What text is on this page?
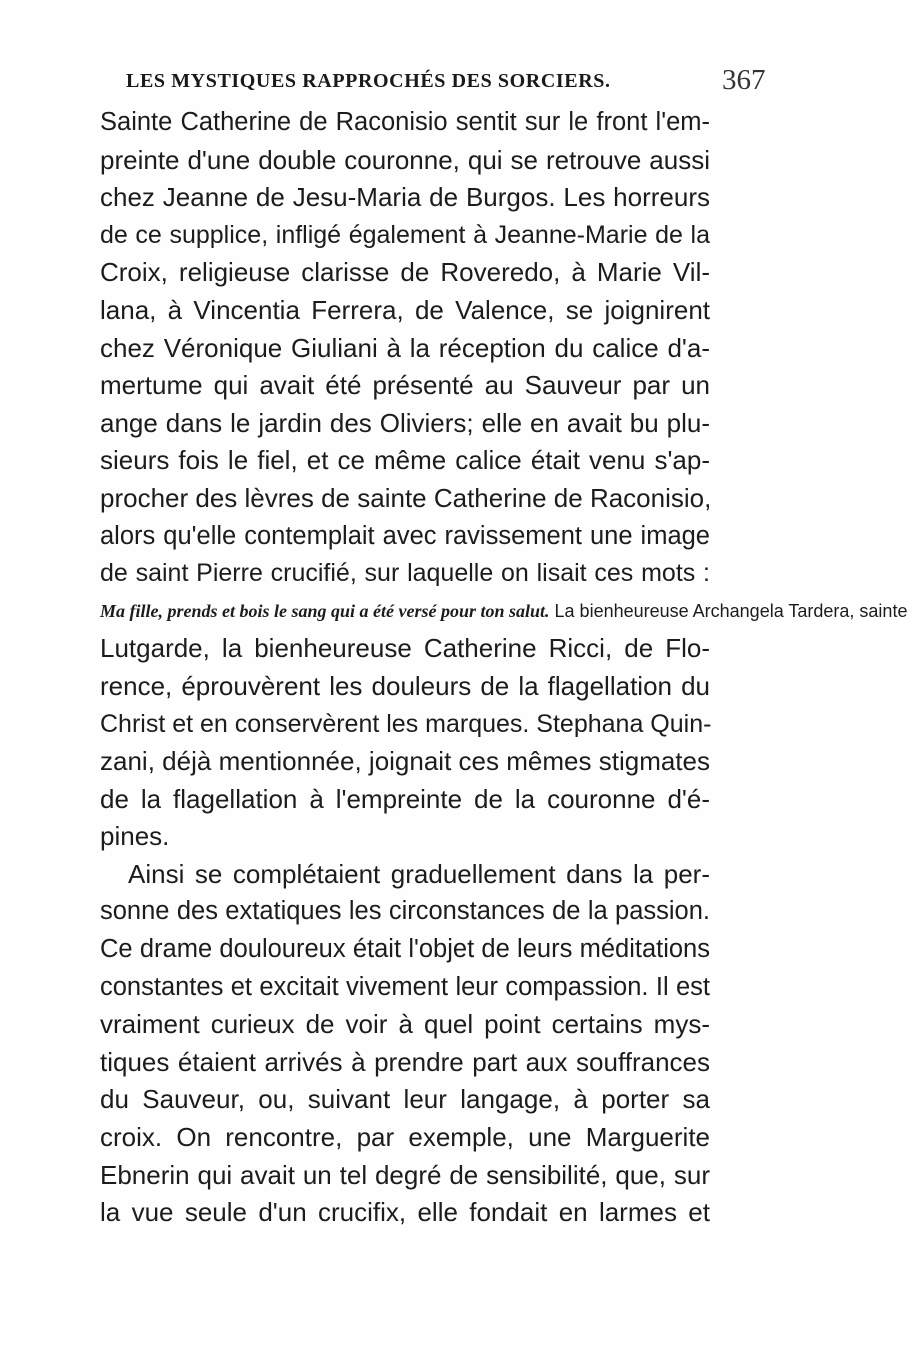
LES MYSTIQUES RAPPROCHÉS DES SORCIERS.	367
Sainte Catherine de Raconisio sentit sur le front l'em-
preinte d'une double couronne, qui se retrouve aussi
chez Jeanne de Jesu-Maria de Burgos. Les horreurs
de ce supplice, infligé également à Jeanne-Marie de la
Croix, religieuse clarisse de Roveredo, à Marie Vil-
lana, à Vincentia Ferrera, de Valence, se joignirent
chez Véronique Giuliani à la réception du calice d'a-
mertume qui avait été présenté au Sauveur par un
ange dans le jardin des Oliviers; elle en avait bu plu-
sieurs fois le fiel, et ce même calice était venu s'ap-
procher des lèvres de sainte Catherine de Raconisio,
alors qu'elle contemplait avec ravissement une image
de saint Pierre crucifié, sur laquelle on lisait ces mots :
Ma fille, prends et bois le sang qui a été versé pour ton salut. La bienheureuse Archangela Tardera, sainte
Lutgarde, la bienheureuse Catherine Ricci, de Flo-
rence, éprouvèrent les douleurs de la flagellation du
Christ et en conservèrent les marques. Stephana Quin-
zani, déjà mentionnée, joignait ces mêmes stigmates
de la flagellation à l'empreinte de la couronne d'é-
pines.
Ainsi se complétaient graduellement dans la per-
sonne des extatiques les circonstances de la passion.
Ce drame douloureux était l'objet de leurs méditations
constantes et excitait vivement leur compassion. Il est
vraiment curieux de voir à quel point certains mys-
tiques étaient arrivés à prendre part aux souffrances
du Sauveur, ou, suivant leur langage, à porter sa
croix. On rencontre, par exemple, une Marguerite
Ebnerin qui avait un tel degré de sensibilité, que, sur
la vue seule d'un crucifix, elle fondait en larmes et
